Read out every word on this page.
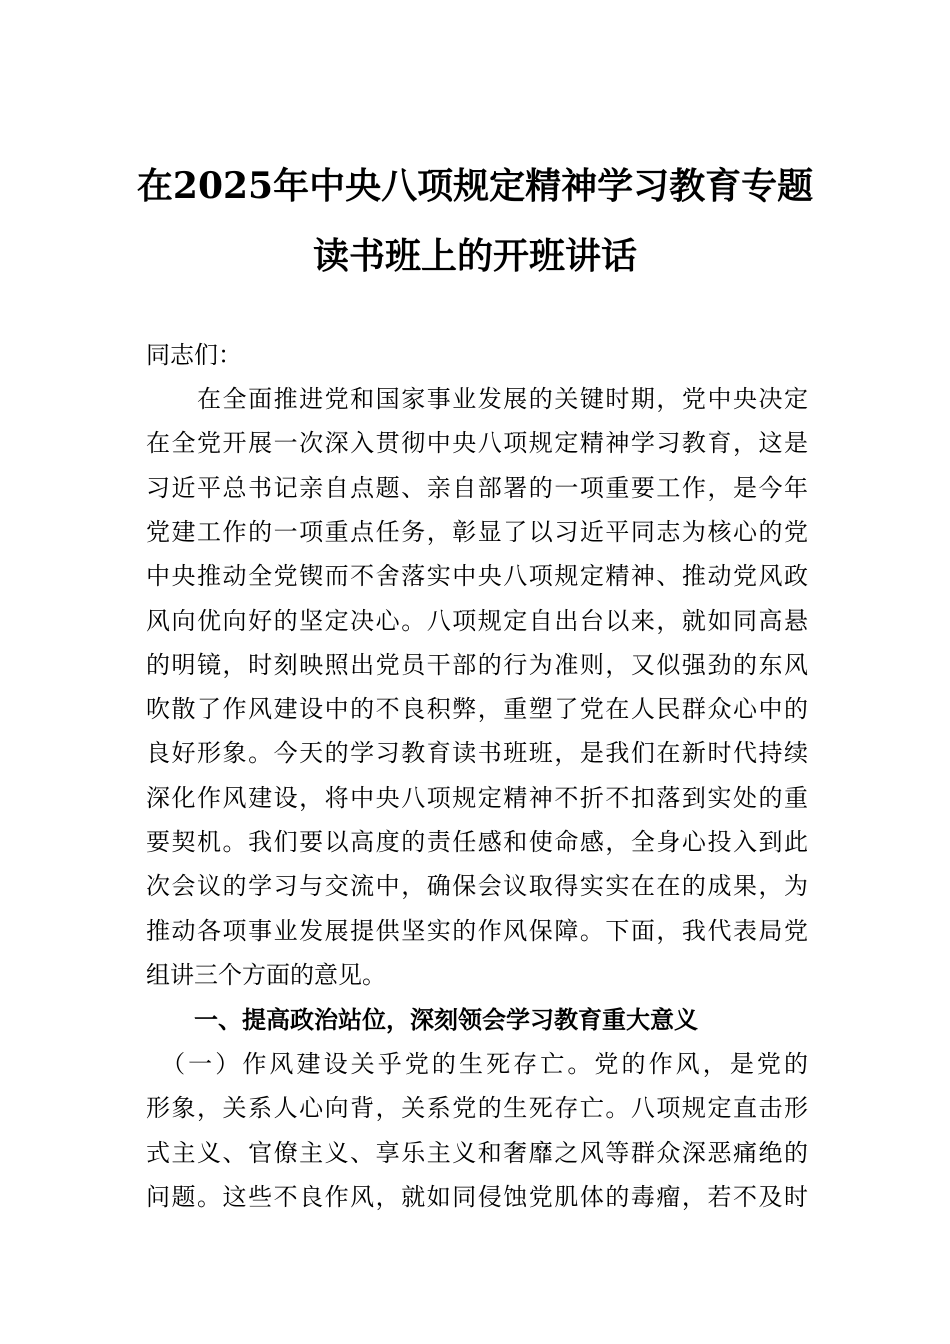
在2025年中央八项规定精神学习教育专题
读书班上的开班讲话
同志们：
　　在全面推进党和国家事业发展的关键时期，党中央决定
在全党开展一次深入贯彻中央八项规定精神学习教育，这是
习近平总书记亲自点题、亲自部署的一项重要工作，是今年
党建工作的一项重点任务，彰显了以习近平同志为核心的党
中央推动全党锲而不舍落实中央八项规定精神、推动党风政
风向优向好的坚定决心。八项规定自出台以来，就如同高悬
的明镜，时刻映照出党员干部的行为准则，又似强劲的东风
吹散了作风建设中的不良积弊，重塑了党在人民群众心中的
良好形象。今天的学习教育读书班班，是我们在新时代持续
深化作风建设，将中央八项规定精神不折不扣落到实处的重
要契机。我们要以高度的责任感和使命感，全身心投入到此
次会议的学习与交流中，确保会议取得实实在在的成果，为
推动各项事业发展提供坚实的作风保障。下面，我代表局党
组讲三个方面的意见。
一、提高政治站位，深刻领会学习教育重大意义
　（一）作风建设关乎党的生死存亡。党的作风，是党的
形象，关系人心向背，关系党的生死存亡。八项规定直击形
式主义、官僚主义、享乐主义和奢靡之风等群众深恶痛绝的
问题。这些不良作风，就如同侵蚀党肌体的毒瘤，若不及时
